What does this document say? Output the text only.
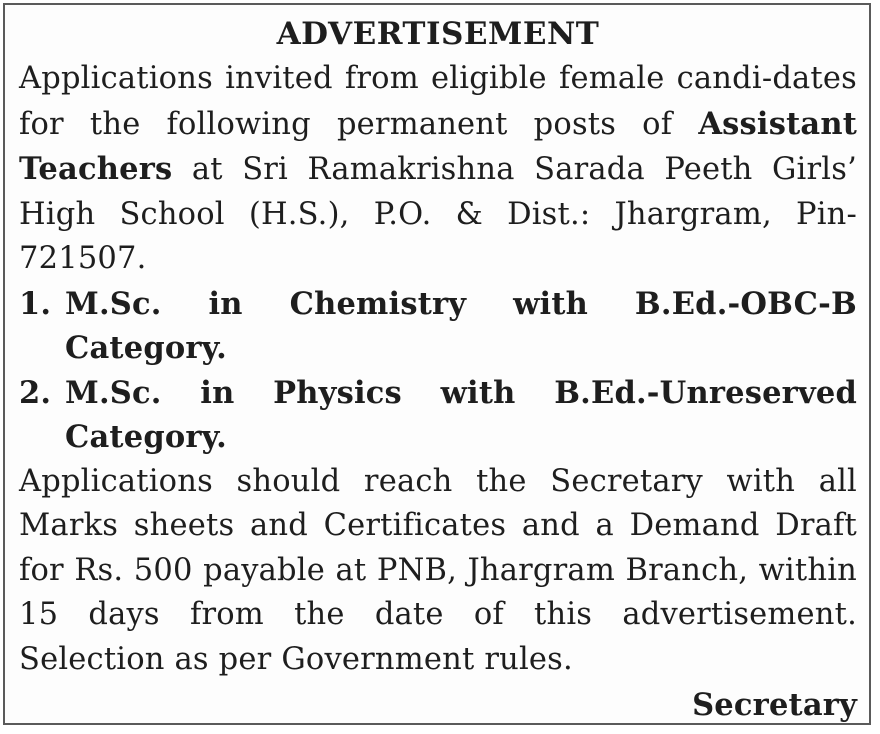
ADVERTISEMENT

Applications invited from eligible female candi-dates for the following permanent posts of Assistant Teachers at Sri Ramakrishna Sarada Peeth Girls’ High School (H.S.), P.O. & Dist.: Jhargram, Pin-721507.

1. M.Sc. in Chemistry with B.Ed.-OBC-B Category.
2. M.Sc. in Physics with B.Ed.-Unreserved Category.

Applications should reach the Secretary with all Marks sheets and Certificates and a Demand Draft for Rs. 500 payable at PNB, Jhargram Branch, within 15 days from the date of this advertisement. Selection as per Government rules.

Secretary
